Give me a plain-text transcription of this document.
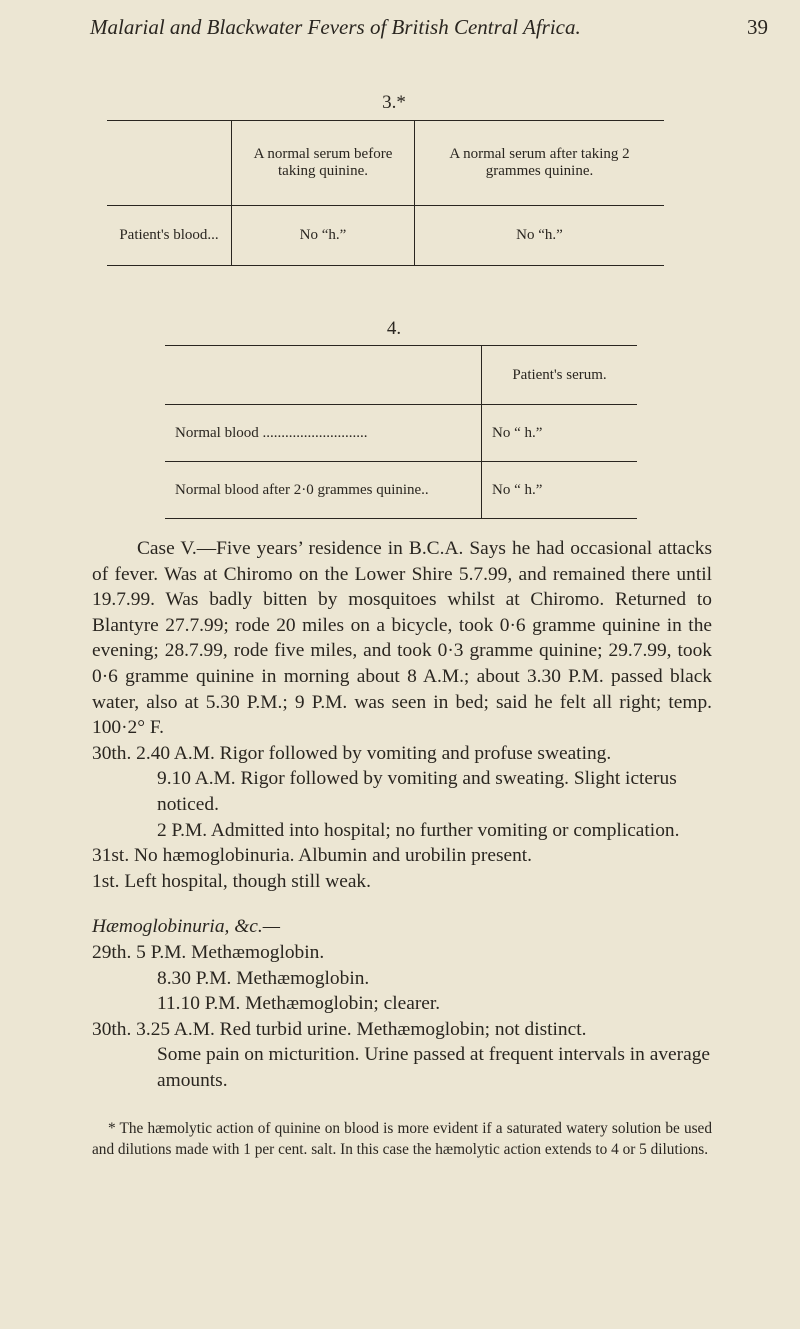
Malarial and Blackwater Fevers of British Central Africa.	39
3.*
	A normal serum before taking quinine.	A normal serum after taking 2 grammes quinine.
Patient's blood...	No “h.”	No “h.”
4.
	Patient's serum.
Normal blood ............................	No “ h.”
Normal blood after 2·0 grammes quinine..	No “ h.”

Case V.—Five years’ residence in B.C.A. Says he had occasional attacks of fever. Was at Chiromo on the Lower Shire 5.7.99, and remained there until 19.7.99. Was badly bitten by mosquitoes whilst at Chiromo. Returned to Blantyre 27.7.99; rode 20 miles on a bicycle, took 0·6 gramme quinine in the evening; 28.7.99, rode five miles, and took 0·3 gramme quinine; 29.7.99, took 0·6 gramme quinine in morning about 8 A.M.; about 3.30 P.M. passed black water, also at 5.30 P.M.; 9 P.M. was seen in bed; said he felt all right; temp. 100·2° F.

30th. 2.40 A.M. Rigor followed by vomiting and profuse sweating.

9.10 A.M. Rigor followed by vomiting and sweating. Slight icterus noticed.

2 P.M. Admitted into hospital; no further vomiting or complication.

31st. No hæmoglobinuria. Albumin and urobilin present.

1st. Left hospital, though still weak.

Hæmoglobinuria, &c.—

29th. 5 P.M. Methæmoglobin.

8.30 P.M. Methæmoglobin.

11.10 P.M. Methæmoglobin; clearer.

30th. 3.25 A.M. Red turbid urine. Methæmoglobin; not distinct.

Some pain on micturition. Urine passed at frequent intervals in average amounts.

* The hæmolytic action of quinine on blood is more evident if a saturated watery solution be used and dilutions made with 1 per cent. salt. In this case the hæmolytic action extends to 4 or 5 dilutions.
